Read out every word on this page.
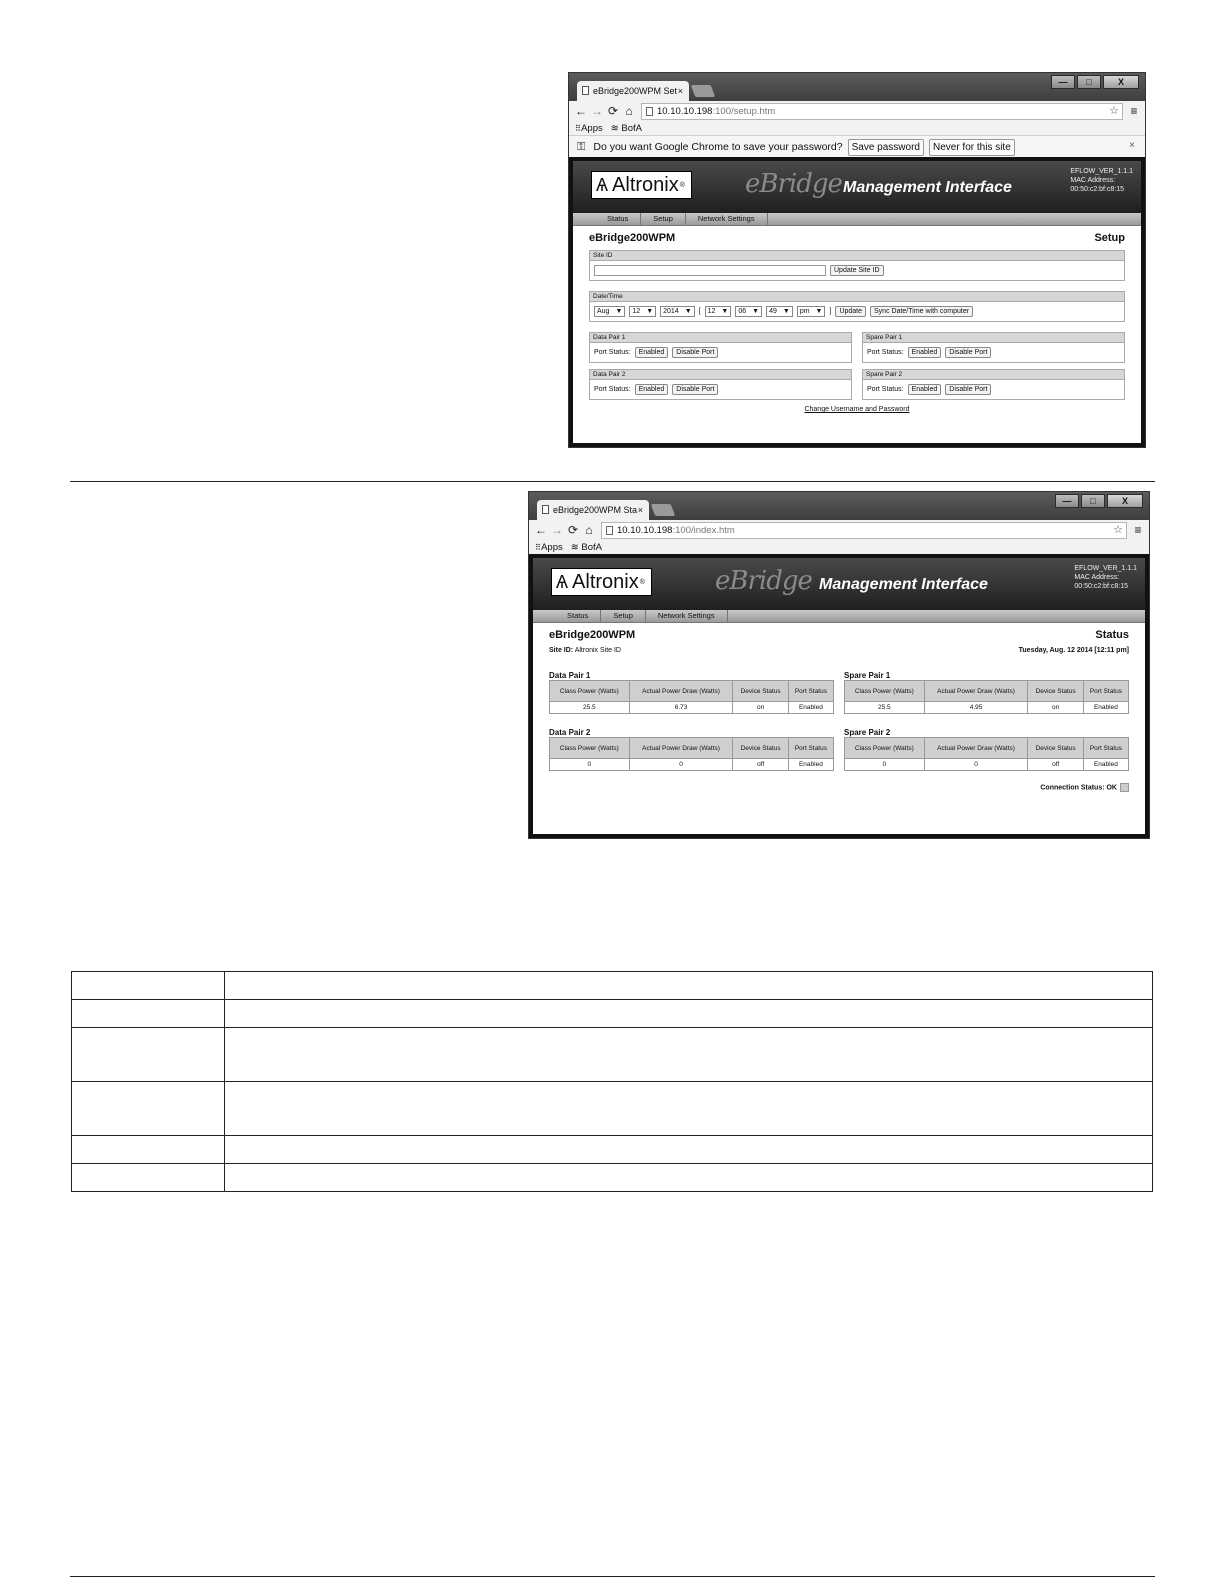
eBridge200WPM Set ×
—	□	X
← → ⟳ ⌂	10.10.10.198 :100/setup.htm	☆ ≡
⠿ Apps ≋ BofA
⚿ Do you want Google Chrome to save your password? Save password	Never for this site	×
Ѧ Altronix ® eBridge Management Interface
EFLOW_VER_1.1.1
MAC Address:
00:50:c2:bf:c8:15
Status	Setup	Network Settings
eBridge200WPM	Setup
Site ID
Update Site ID
Date/Time
Aug ▼ 12 ▼ 2014 ▼ [ 12 ▼ 06 ▼ 49 ▼ pm ▼ ]	Update	Sync Date/Time with computer
Data Pair 1
Port Status:	Enabled	Disable Port
Spare Pair 1
Port Status:	Enabled	Disable Port
Data Pair 2
Port Status:	Enabled	Disable Port
Spare Pair 2
Port Status:	Enabled	Disable Port
Change Username and Password
eBridge200WPM Sta ×
—	□	X
← → ⟳ ⌂	10.10.10.198 :100/index.htm	☆ ≡
⠿ Apps ≋ BofA
Ѧ Altronix ®	eBridge Management Interface
EFLOW_VER_1.1.1
MAC Address:
00:50:c2:bf:c8:15
Status	Setup	Network Settings
eBridge200WPM	Status
Site ID: Altronix Site ID	Tuesday, Aug. 12 2014 [12:11 pm]
Data Pair 1
Class Power (Watts)	Actual Power Draw (Watts)	Device Status	Port Status
25.5	6.73	on	Enabled
Spare Pair 1
Class Power (Watts)	Actual Power Draw (Watts)	Device Status	Port Status
25.5	4.95	on	Enabled
Data Pair 2
Class Power (Watts)	Actual Power Draw (Watts)	Device Status	Port Status
0	0	off	Enabled
Spare Pair 2
Class Power (Watts)	Actual Power Draw (Watts)	Device Status	Port Status
0	0	off	Enabled
Connection Status: OK
